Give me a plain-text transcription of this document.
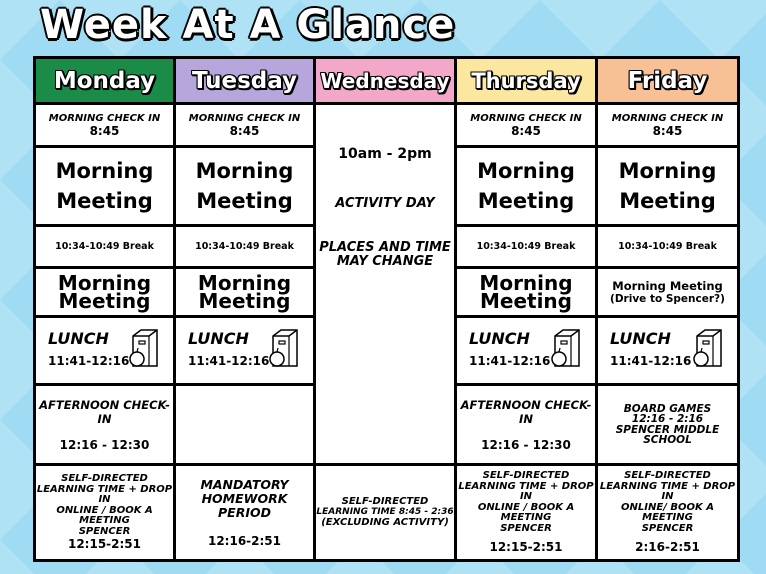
Week At A Glance
Monday Tuesday Wednesday Thursday Friday
MORNING CHECK IN
8:45
Morning
Meeting
10:34-10:49 Break
Morning
Meeting
LUNCH
11:41-12:16
AFTERNOON CHECK-IN
12:16 - 12:30
SELF-DIRECTED
LEARNING TIME + DROP IN
ONLINE / BOOK A MEETING
SPENCER
12:15-2:51
MORNING CHECK IN
8:45
Morning
Meeting
10:34-10:49 Break
Morning
Meeting
LUNCH
11:41-12:16
MANDATORY
HOMEWORK PERIOD
12:16-2:51
10am - 2pm
ACTIVITY DAY
PLACES AND TIME
MAY CHANGE
SELF-DIRECTED
LEARNING TIME 8:45 - 2:36
(EXCLUDING ACTIVITY)
MORNING CHECK IN
8:45
Morning
Meeting
10:34-10:49 Break
Morning
Meeting
LUNCH
11:41-12:16
AFTERNOON CHECK-IN
12:16 - 12:30
SELF-DIRECTED
LEARNING TIME + DROP IN
ONLINE / BOOK A MEETING
SPENCER
12:15-2:51
MORNING CHECK IN
8:45
Morning
Meeting
10:34-10:49 Break
Morning Meeting
(Drive to Spencer?)
LUNCH
11:41-12:16
BOARD GAMES
12:16 - 2:16
SPENCER MIDDLE SCHOOL
SELF-DIRECTED
LEARNING TIME + DROP IN
ONLINE/ BOOK A MEETING
SPENCER
2:16-2:51
